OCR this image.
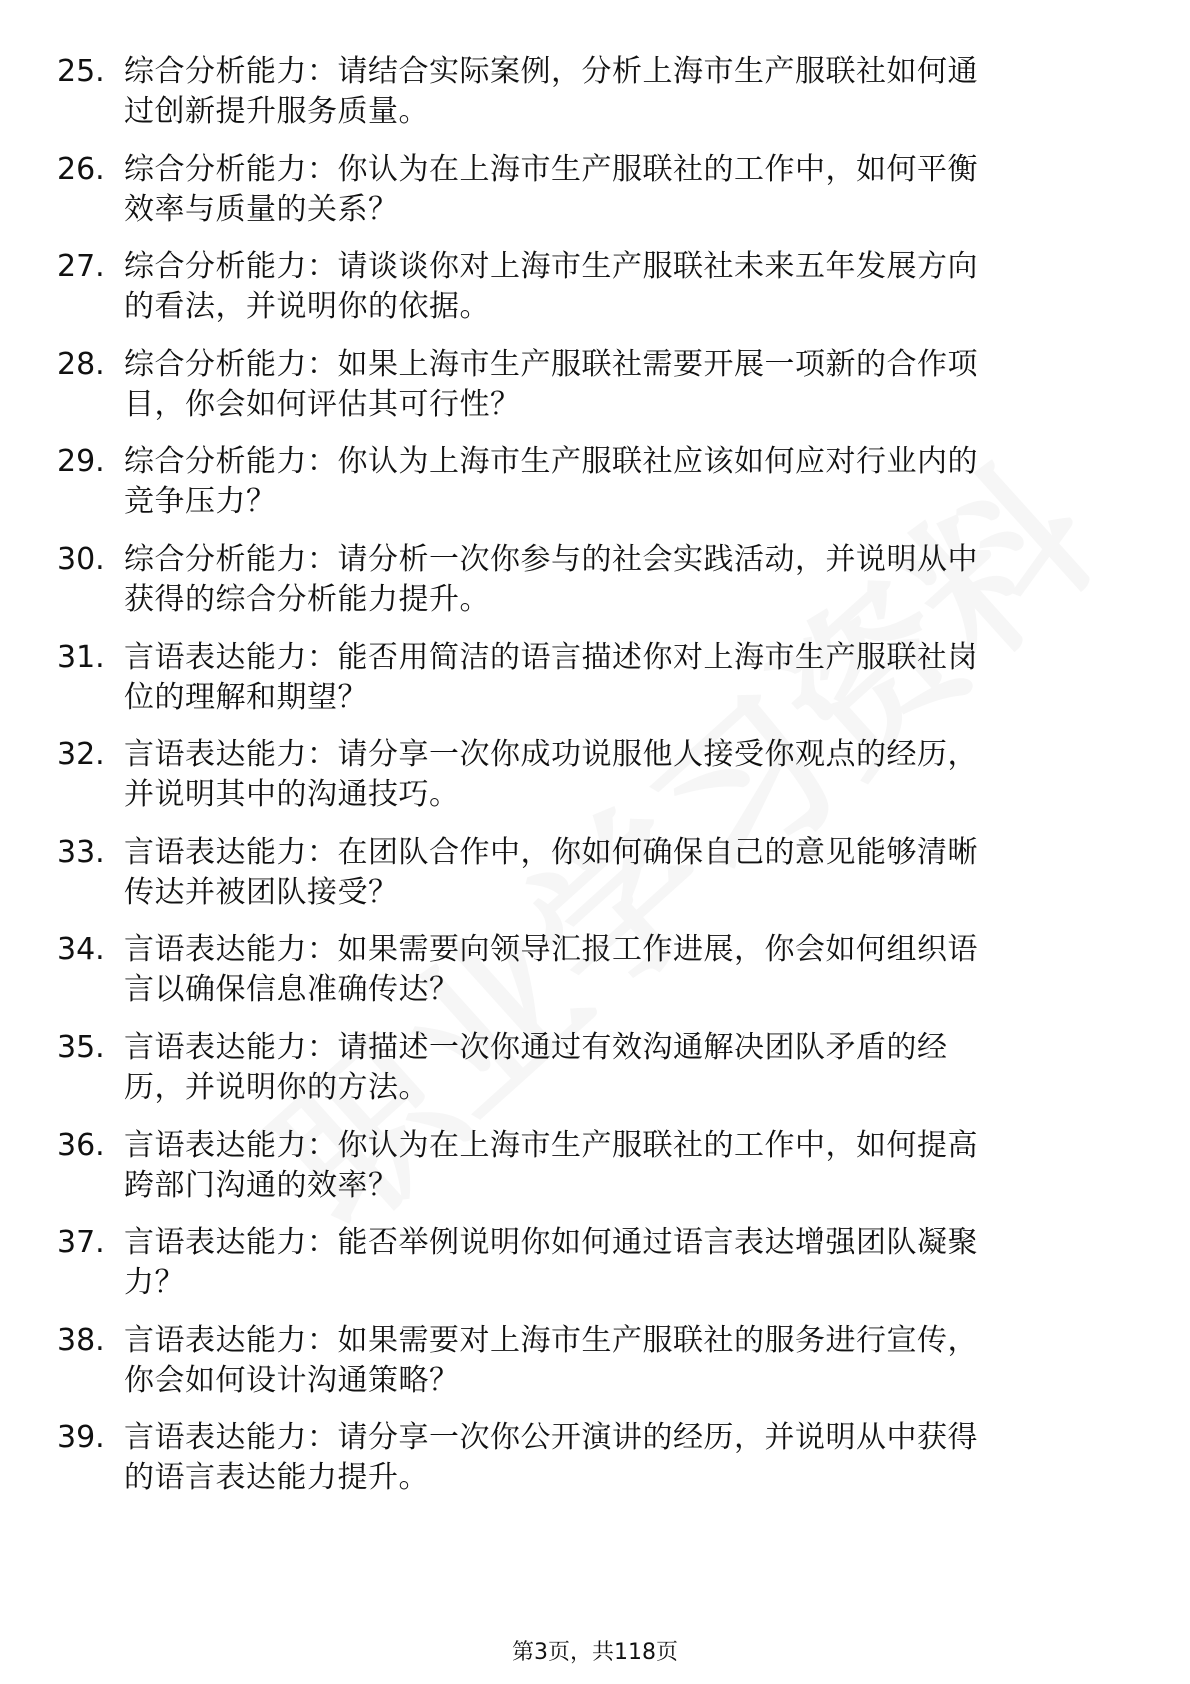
25. 综合分析能力：请结合实际案例，分析上海市生产服联社如何通
过创新提升服务质量。
26. 综合分析能力：你认为在上海市生产服联社的工作中，如何平衡
效率与质量的关系？
27. 综合分析能力：请谈谈你对上海市生产服联社未来五年发展方向
的看法，并说明你的依据。
28. 综合分析能力：如果上海市生产服联社需要开展一项新的合作项
目，你会如何评估其可行性？
29. 综合分析能力：你认为上海市生产服联社应该如何应对行业内的
竞争压力？
30. 综合分析能力：请分析一次你参与的社会实践活动，并说明从中
获得的综合分析能力提升。
31. 言语表达能力：能否用简洁的语言描述你对上海市生产服联社岗
位的理解和期望？
32. 言语表达能力：请分享一次你成功说服他人接受你观点的经历，
并说明其中的沟通技巧。
33. 言语表达能力：在团队合作中，你如何确保自己的意见能够清晰
传达并被团队接受？
34. 言语表达能力：如果需要向领导汇报工作进展，你会如何组织语
言以确保信息准确传达？
35. 言语表达能力：请描述一次你通过有效沟通解决团队矛盾的经
历，并说明你的方法。
36. 言语表达能力：你认为在上海市生产服联社的工作中，如何提高
跨部门沟通的效率？
37. 言语表达能力：能否举例说明你如何通过语言表达增强团队凝聚
力？
38. 言语表达能力：如果需要对上海市生产服联社的服务进行宣传，
你会如何设计沟通策略？
39. 言语表达能力：请分享一次你公开演讲的经历，并说明从中获得
的语言表达能力提升。
第3页，共118页
